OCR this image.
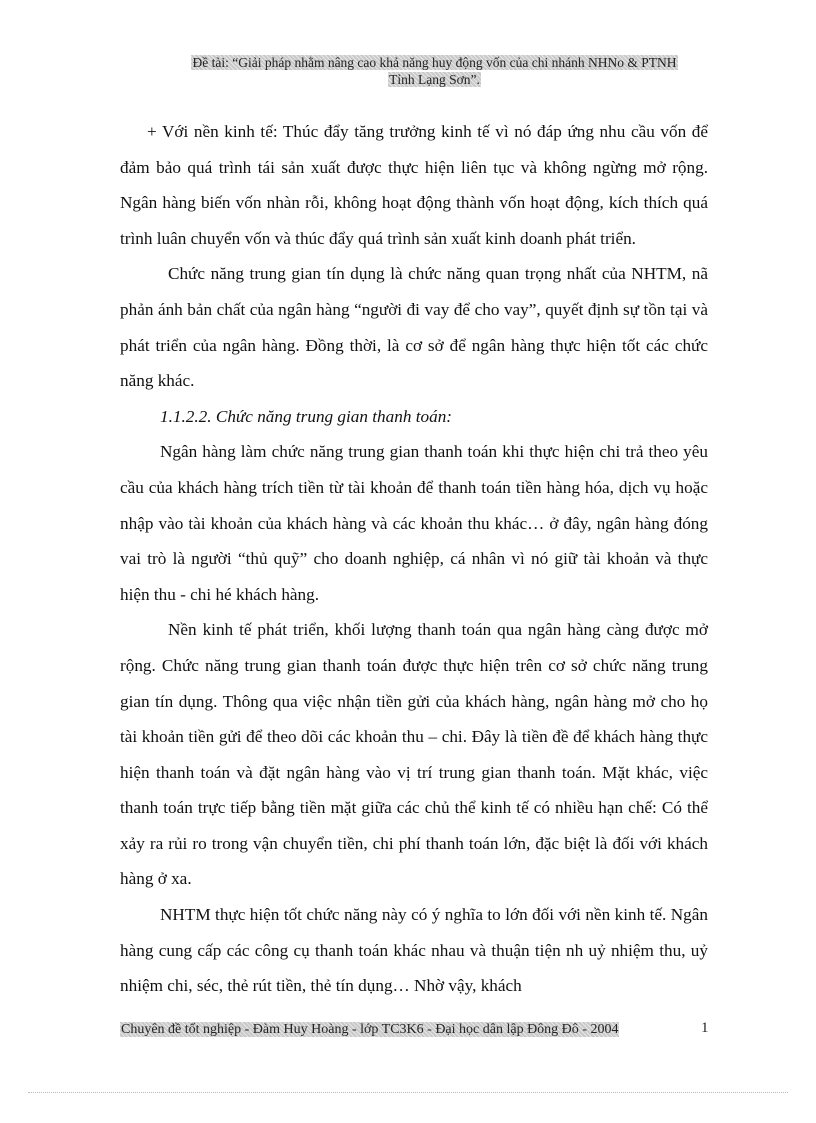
Đề tài: “Giải pháp nhằm nâng cao khả năng huy động vốn của chi nhánh NHNo & PTNH
Tỉnh Lạng Sơn”.

+ Với nền kinh tế: Thúc đẩy tăng trưởng kinh tế vì nó đáp ứng nhu cầu vốn để đảm bảo quá trình tái sản xuất được thực hiện liên tục và không ngừng mở rộng. Ngân hàng biến vốn nhàn rỗi, không hoạt động thành vốn hoạt động, kích thích quá trình luân chuyển vốn và thúc đẩy quá trình sản xuất kinh doanh phát triển.

Chức năng trung gian tín dụng là chức năng quan trọng nhất của NHTM, nã phản ánh bản chất của ngân hàng “người đi vay để cho vay”, quyết định sự tồn tại và phát triển của ngân hàng. Đồng thời, là cơ sở để ngân hàng thực hiện tốt các chức năng khác.

1.1.2.2. Chức năng trung gian thanh toán:

Ngân hàng làm chức năng trung gian thanh toán khi thực hiện chi trả theo yêu cầu của khách hàng trích tiền từ tài khoản để thanh toán tiền hàng hóa, dịch vụ hoặc nhập vào tài khoản của khách hàng và các khoản thu khác… ở đây, ngân hàng đóng vai trò là người “thủ quỹ” cho doanh nghiệp, cá nhân vì nó giữ tài khoản và thực hiện thu - chi hé khách hàng.

Nền kinh tế phát triển, khối lượng thanh toán qua ngân hàng càng được mở rộng. Chức năng trung gian thanh toán được thực hiện trên cơ sở chức năng trung gian tín dụng. Thông qua việc nhận tiền gửi của khách hàng, ngân hàng mở cho họ tài khoản tiền gửi để theo dõi các khoản thu – chi. Đây là tiền đề để khách hàng thực hiện thanh toán và đặt ngân hàng vào vị trí trung gian thanh toán. Mặt khác, việc thanh toán trực tiếp bằng tiền mặt giữa các chủ thể kinh tế có nhiều hạn chế: Có thể xảy ra rủi ro trong vận chuyển tiền, chi phí thanh toán lớn, đặc biệt là đối với khách hàng ở xa.

NHTM thực hiện tốt chức năng này có ý nghĩa to lớn đối với nền kinh tế. Ngân hàng cung cấp các công cụ thanh toán khác nhau và thuận tiện nh uỷ nhiệm thu, uỷ nhiệm chi, séc, thẻ rút tiền, thẻ tín dụng… Nhờ vậy, khách

Chuyên đề tốt nghiệp - Đàm Huy Hoàng - lớp TC3K6 - Đại học dân lập Đông Đô - 2004	1
